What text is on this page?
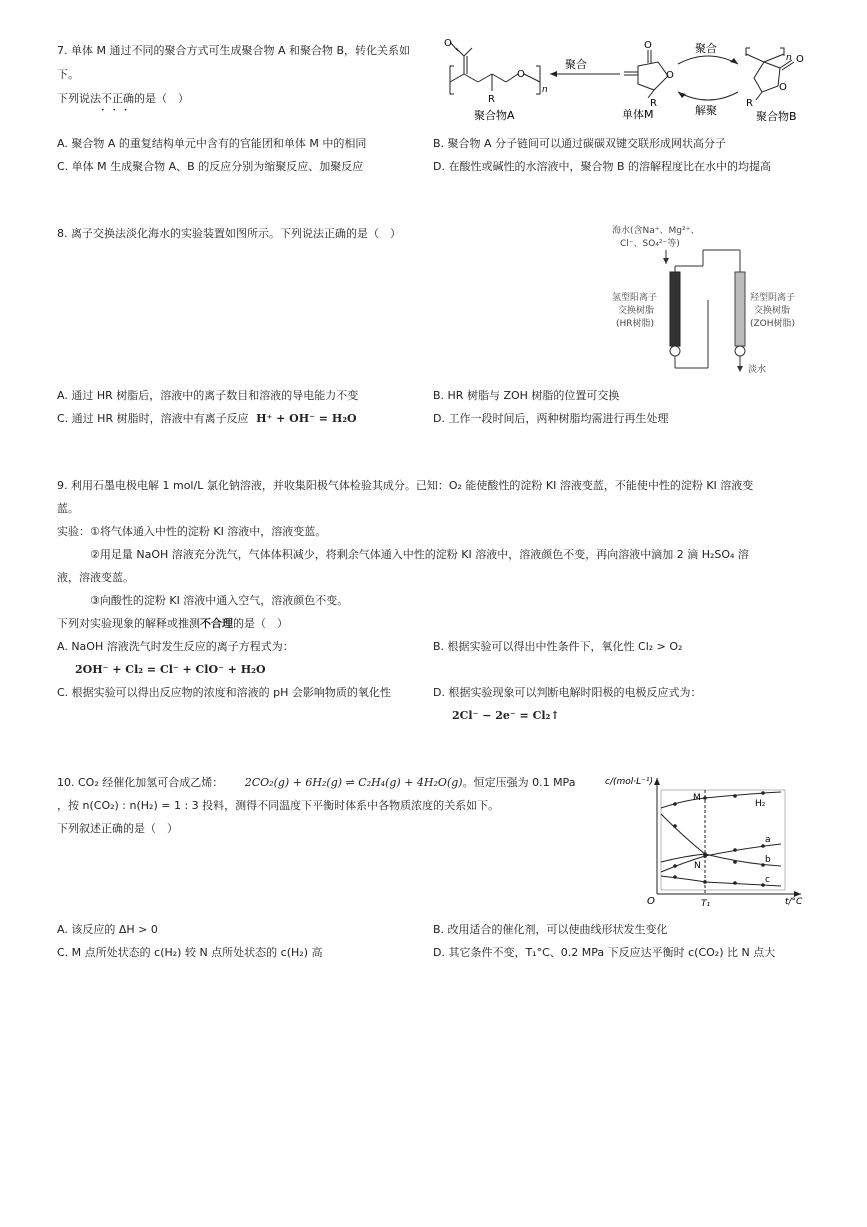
7. 单体 M 通过不同的聚合方式可生成聚合物 A 和聚合物 B，转化关系如
下。
下列说法不正确 • • •的是（　）
A. 聚合物 A 的重复结构单元中含有的官能团和单体 M 中的相同	B. 聚合物 A 分子链间可以通过碳碳双键交联形成网状高分子
C. 单体 M 生成聚合物 A、B 的反应分别为缩聚反应、加聚反应	D. 在酸性或碱性的水溶液中，聚合物 B 的溶解程度比在水中的均提高
O
O
R
n
聚合物A
聚合
O
O
R
单体M
聚合
解聚
O
O
n
R
聚合物B
8. 离子交换法淡化海水的实验装置如图所示。下列说法正确的是（　）
A. 通过 HR 树脂后，溶液中的离子数目和溶液的导电能力不变	B. HR 树脂与 ZOH 树脂的位置可交换
C. 通过 HR 树脂时，溶液中有离子反应 H⁺ + OH⁻ = H₂O	D. 工作一段时间后，两种树脂均需进行再生处理
海水(含Na⁺、Mg²⁺、
Cl⁻、SO₄²⁻等)
淡水
氢型阳离子
交换树脂
(HR树脂)
羟型阴离子
交换树脂
(ZOH树脂)
9. 利用石墨电极电解 1 mol/L 氯化钠溶液，并收集阳极气体检验其成分。已知：O₂ 能使酸性的淀粉 KI 溶液变蓝，不能使中性的淀粉 KI 溶液变
蓝。
实验：①将气体通入中性的淀粉 KI 溶液中，溶液变蓝。
②用足量 NaOH 溶液充分洗气，气体体积减少，将剩余气体通入中性的淀粉 KI 溶液中，溶液颜色不变，再向溶液中滴加 2 滴 H₂SO₄ 溶
液，溶液变蓝。
③向酸性的淀粉 KI 溶液中通入空气，溶液颜色不变。
下列对实验现象的解释或推测不合理的是（　）
A. NaOH 溶液洗气时发生反应的离子方程式为：
2OH⁻ + Cl₂ = Cl⁻ + ClO⁻ + H₂O
B. 根据实验可以得出中性条件下，氧化性 Cl₂ > O₂
C. 根据实验可以得出反应物的浓度和溶液的 pH 会影响物质的氧化性	D. 根据实验现象可以判断电解时阳极的电极反应式为：
2Cl⁻ − 2e⁻ = Cl₂↑
10. CO₂ 经催化加氢可合成乙烯： 2CO₂(g) + 6H₂(g) ⇌ C₂H₄(g) + 4H₂O(g)。恒定压强为 0.1 MPa
，按 n(CO₂) : n(H₂) = 1 : 3 投料，测得不同温度下平衡时体系中各物质浓度的关系如下。
下列叙述正确的是（　）
A. 该反应的 ΔH > 0	B. 改用适合的催化剂，可以使曲线形状发生变化
C. M 点所处状态的 c(H₂) 较 N 点所处状态的 c(H₂) 高	D. 其它条件不变，T₁°C、0.2 MPa 下反应达平衡时 c(CO₂) 比 N 点大
c/(mol·L⁻¹)
t/°C
O	T₁
M
N
H₂
a
b
c
